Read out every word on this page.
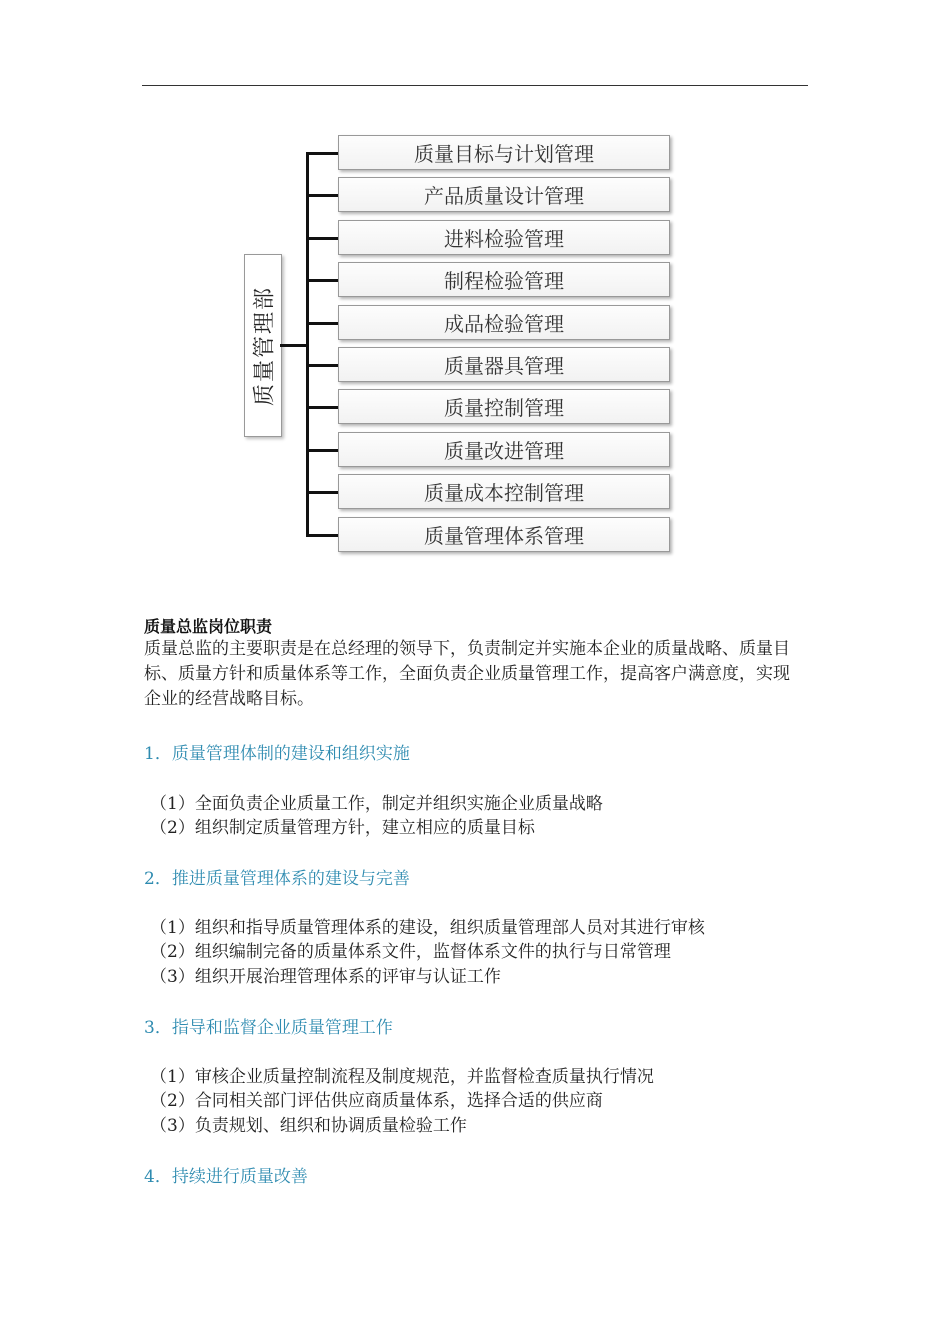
质量管理部
质量目标与计划管理
产品质量设计管理
进料检验管理
制程检验管理
成品检验管理
质量器具管理
质量控制管理
质量改进管理
质量成本控制管理
质量管理体系管理
质量总监岗位职责
质量总监的主要职责是在总经理的领导下，负责制定并实施本企业的质量战略、质量目标、质量方针和质量体系等工作，全面负责企业质量管理工作，提高客户满意度，实现企业的经营战略目标。
1．质量管理体制的建设和组织实施
（1）全面负责企业质量工作，制定并组织实施企业质量战略
（2）组织制定质量管理方针，建立相应的质量目标
2．推进质量管理体系的建设与完善
（1）组织和指导质量管理体系的建设，组织质量管理部人员对其进行审核
（2）组织编制完备的质量体系文件，监督体系文件的执行与日常管理
（3）组织开展治理管理体系的评审与认证工作
3．指导和监督企业质量管理工作
（1）审核企业质量控制流程及制度规范，并监督检查质量执行情况
（2）合同相关部门评估供应商质量体系，选择合适的供应商
（3）负责规划、组织和协调质量检验工作
4．持续进行质量改善
